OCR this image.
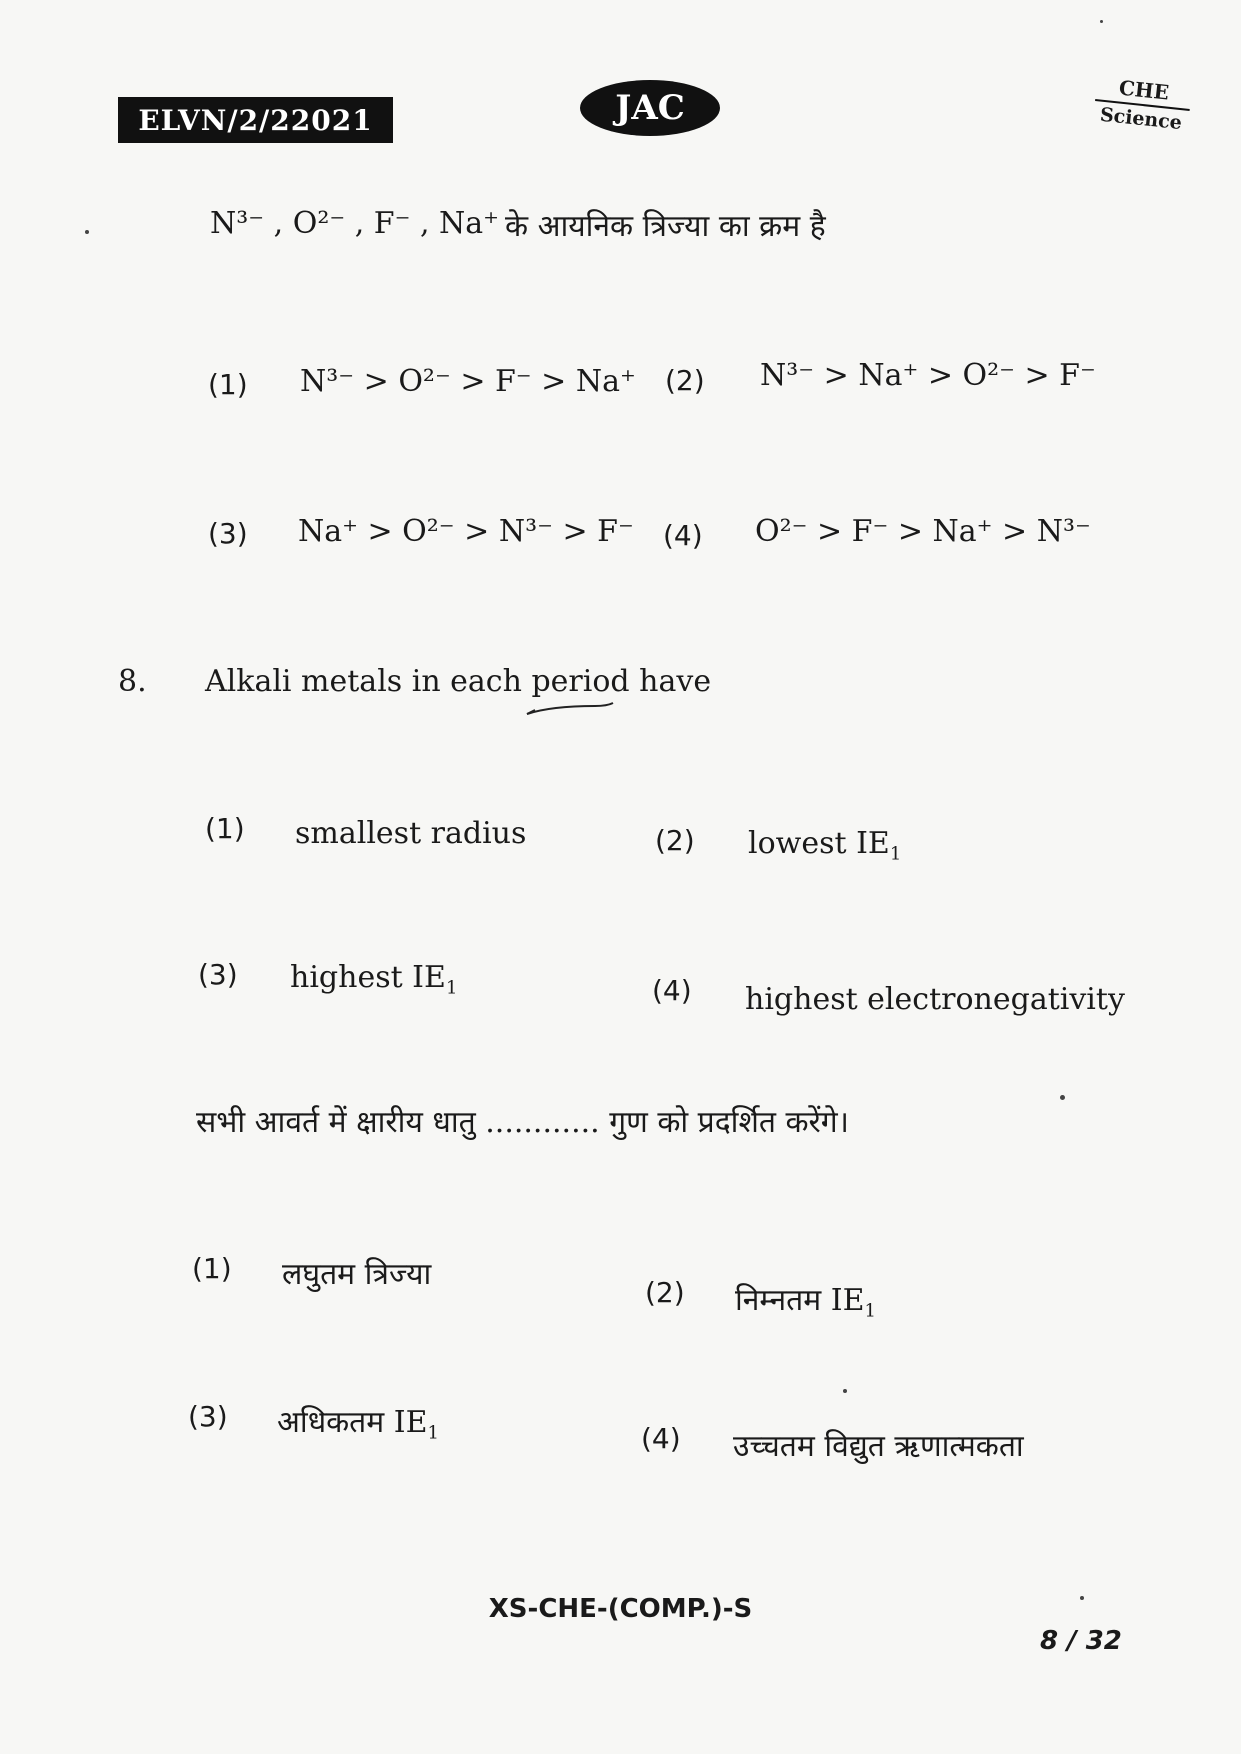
ELVN/2/22021	JAC	CHE
Science
N³⁻ , O²⁻ , F⁻ , Na⁺ के आयनिक त्रिज्या का क्रम है
(1) N³⁻ > O²⁻ > F⁻ > Na⁺ (2) N³⁻ > Na⁺ > O²⁻ > F⁻
(3) Na⁺ > O²⁻ > N³⁻ > F⁻ (4) O²⁻ > F⁻ > Na⁺ > N³⁻
8. Alkali metals in each period have
(1) smallest radius	(2) lowest $IE_1$
(3) highest $IE_1$	(4) highest electronegativity
सभी आवर्त में क्षारीय धातु ............ गुण को प्रदर्शित करेंगे।
(1) लघुतम त्रिज्या
(2) निम्नतम $IE_1$
(3) अधिकतम $IE_1$	(4) उच्चतम विद्युत ऋणात्मकता
XS-CHE-(COMP.)-S
8 / 32
